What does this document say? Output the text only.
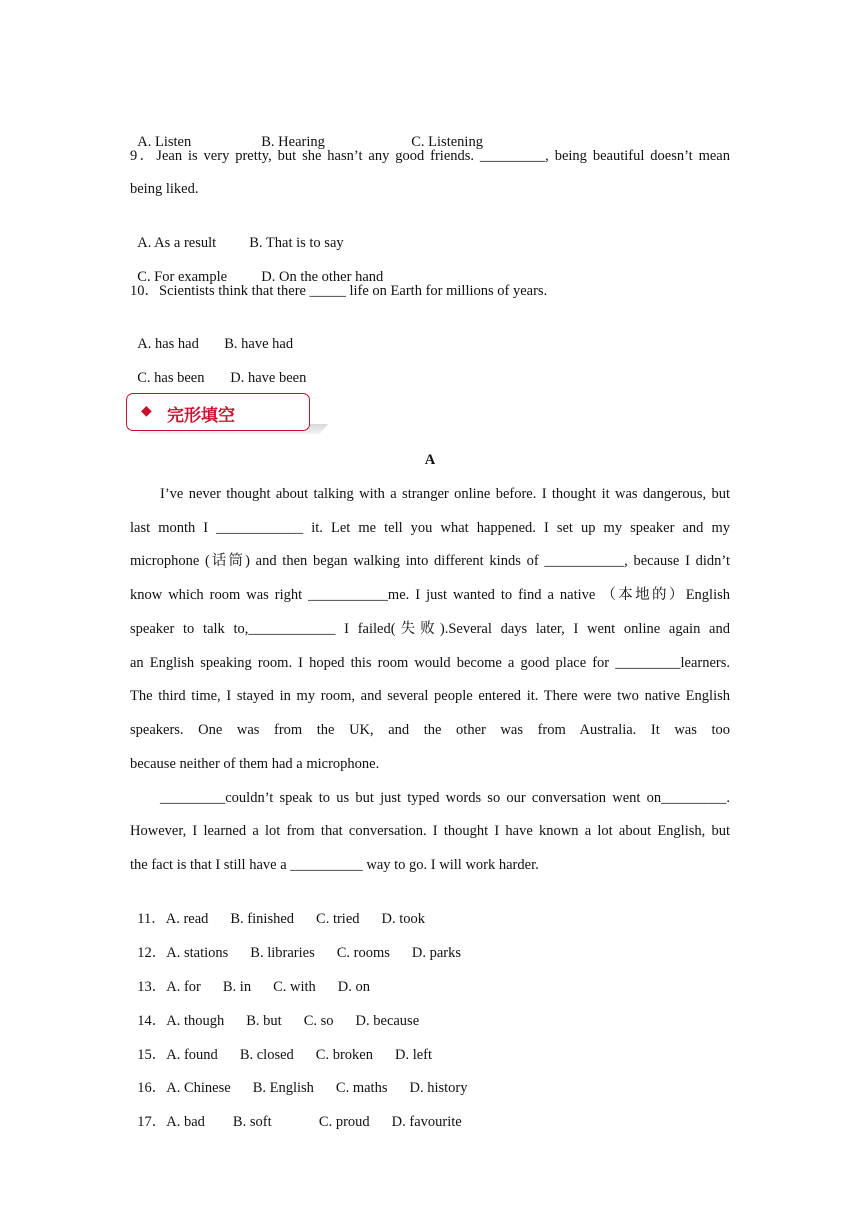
A. Listen	B. Hearing	C. Listening

9．Jean is very pretty, but she hasn’t any good friends. _________, being beautiful doesn’t mean
being liked.

A. As a result B. That is to say

C. For example D. On the other hand

10．Scientists think that there _____ life on Earth for millions of years.

A. has had B. have had

C. has been D. have been

◆ 完形填空
A
I’ve never thought about talking with a stranger online before. I thought it was dangerous, but
last month I ____________ it. Let me tell you what happened. I set up my speaker and my
microphone (话筒) and then began walking into different kinds of ___________, because I didn’t
know which room was right ___________me. I just wanted to find a native （本地的）English
speaker to talk to,____________ I failed(失败).Several days later, I went online again and
an English speaking room. I hoped this room would become a good place for _________learners.
The third time, I stayed in my room, and several people entered it. There were two native English
speakers. One was from the UK, and the other was from Australia. It was too
because neither of them had a microphone.
_________couldn’t speak to us but just typed words so our conversation went on_________.
However, I learned a lot from that conversation. I thought I have known a lot about English, but
the fact is that I still have a __________ way to go. I will work harder.

11．A. read B. finished C. tried D. took

12．A. stations B. libraries C. rooms D. parks

13．A. for B. in C. with D. on

14．A. though B. but C. so D. because

15．A. found B. closed C. broken D. left

16．A. Chinese B. English C. maths D. history

17．A. bad B. soft	C. proud D. favourite
